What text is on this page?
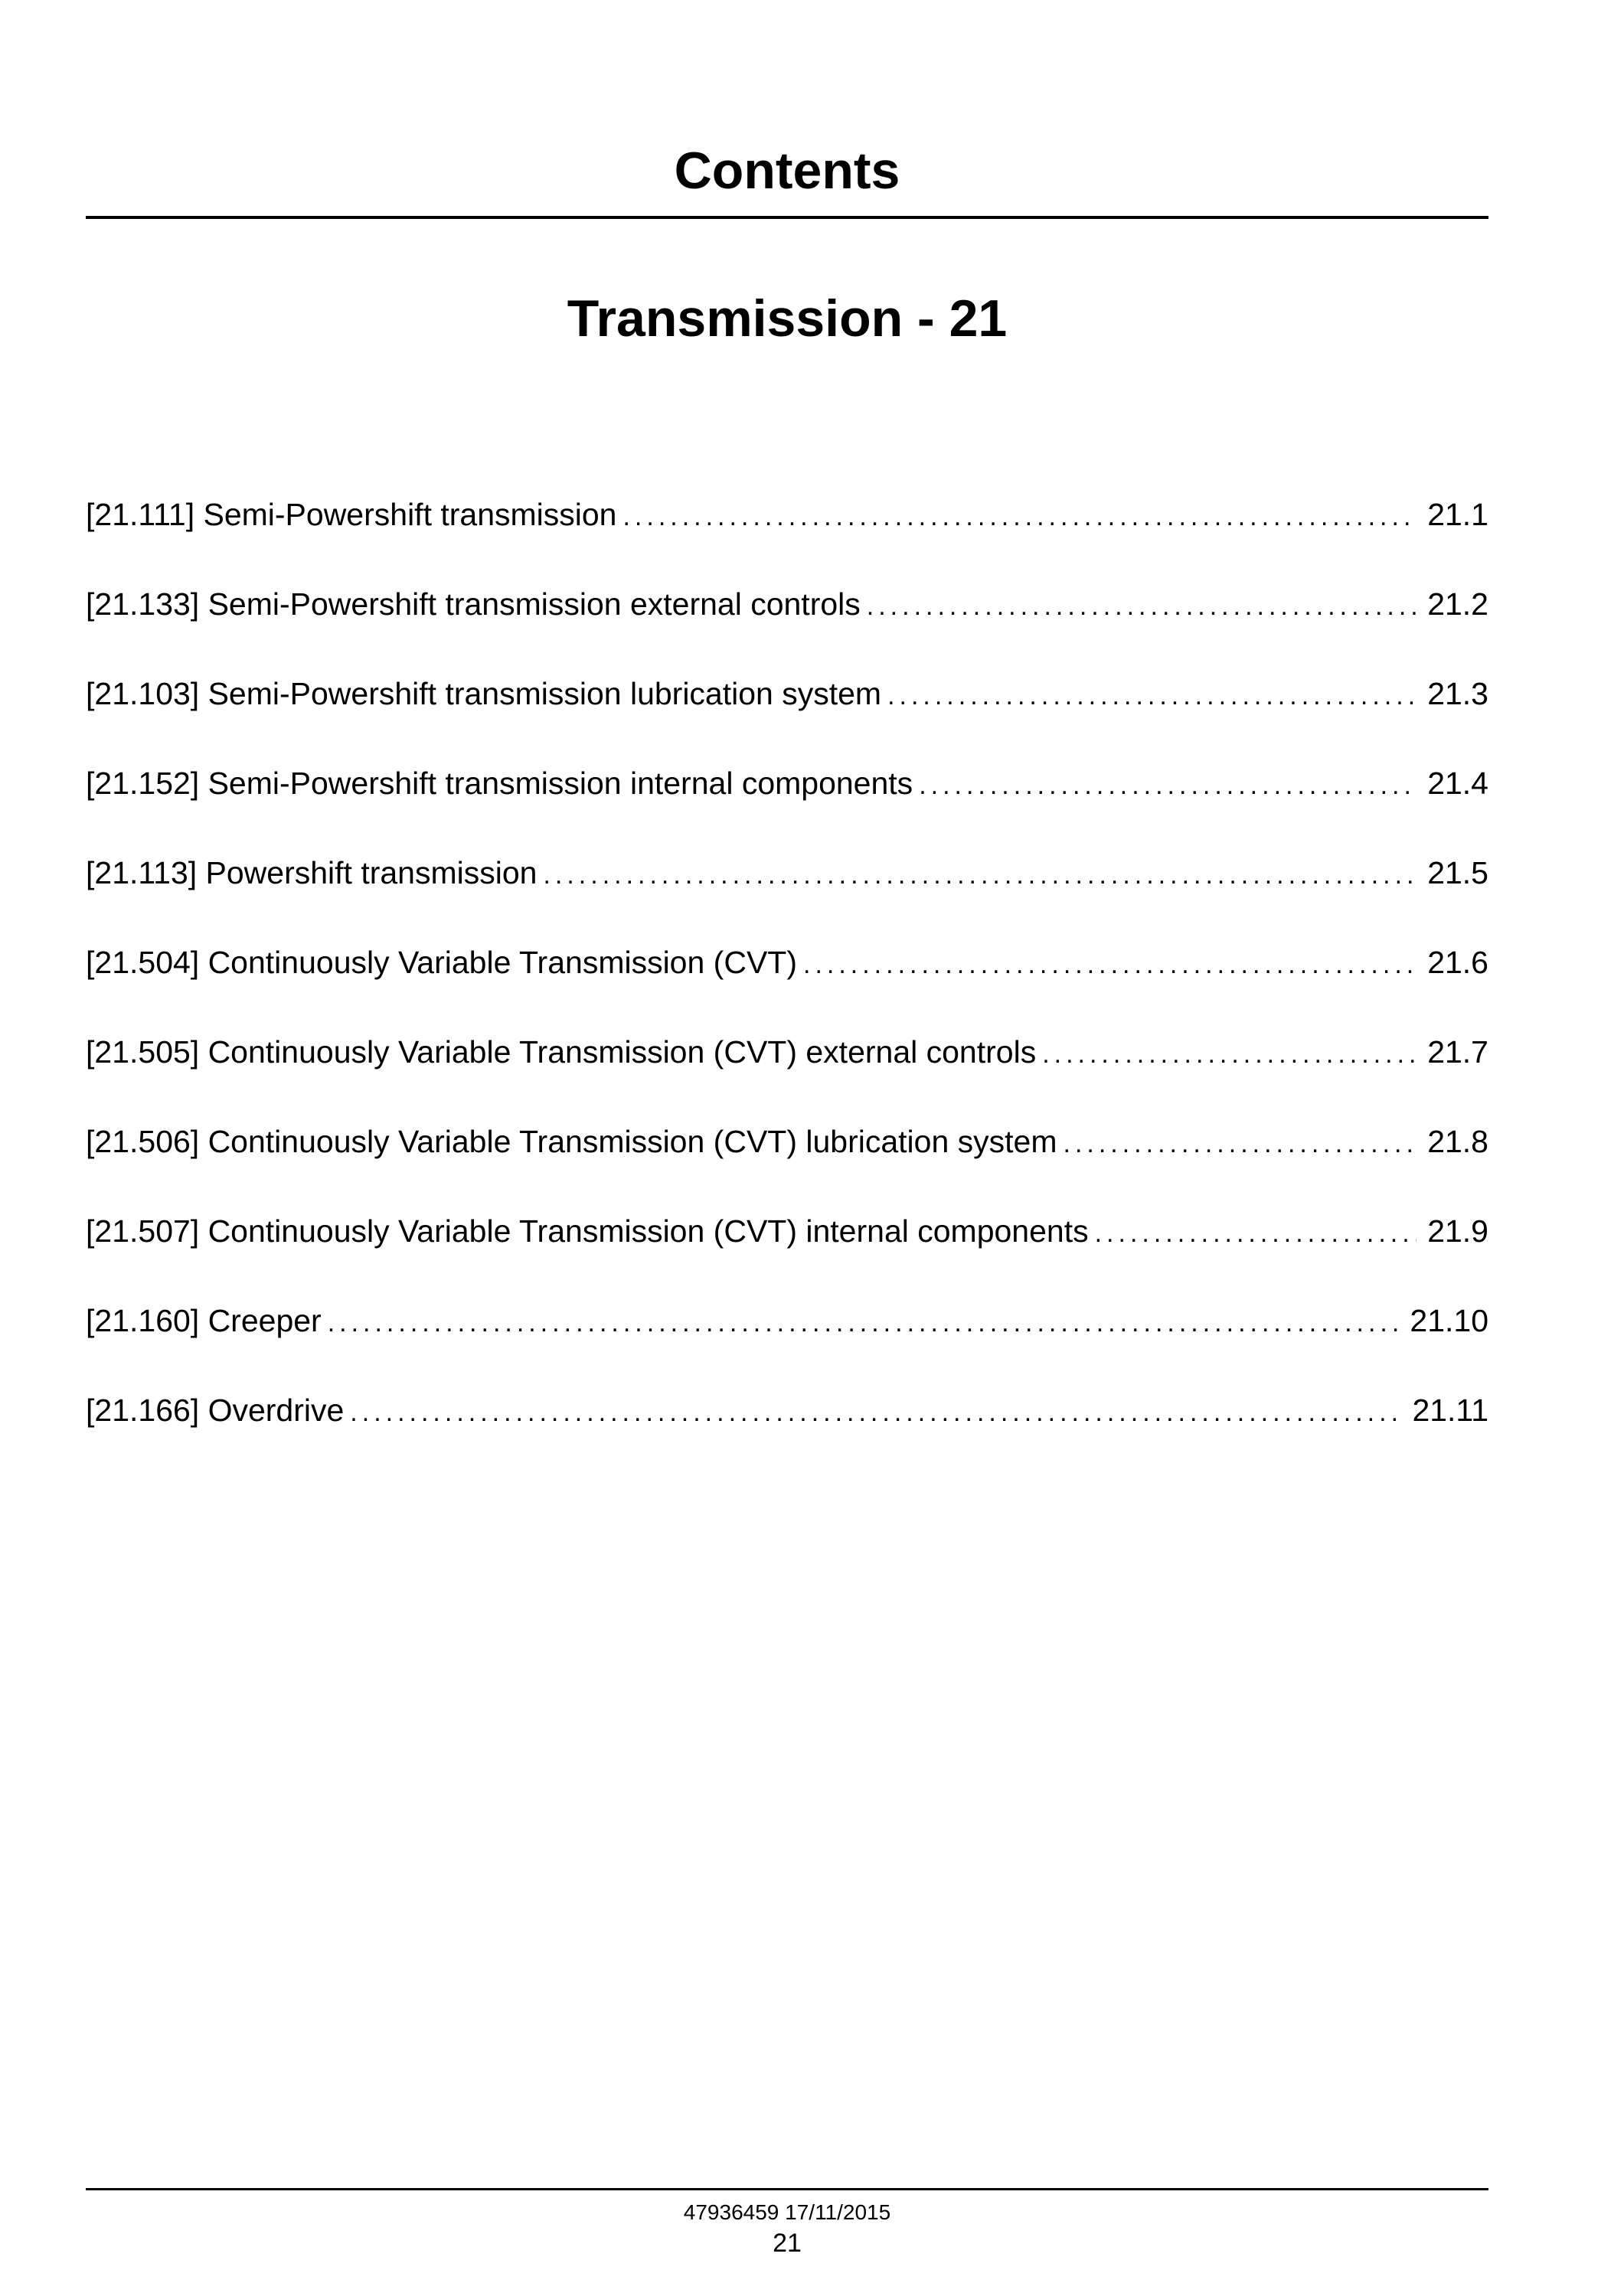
Contents
Transmission - 21
[21.111] Semi-Powershift transmission .....	21.1
[21.133] Semi-Powershift transmission external controls .....	21.2
[21.103] Semi-Powershift transmission lubrication system .....	21.3
[21.152] Semi-Powershift transmission internal components .....	21.4
[21.113] Powershift transmission .....	21.5
[21.504] Continuously Variable Transmission (CVT) .....	21.6
[21.505] Continuously Variable Transmission (CVT) external controls .....	21.7
[21.506] Continuously Variable Transmission (CVT) lubrication system .....	21.8
[21.507] Continuously Variable Transmission (CVT) internal components .....	21.9
[21.160] Creeper .....	21.10
[21.166] Overdrive .....	21.11
47936459 17/11/2015
21
